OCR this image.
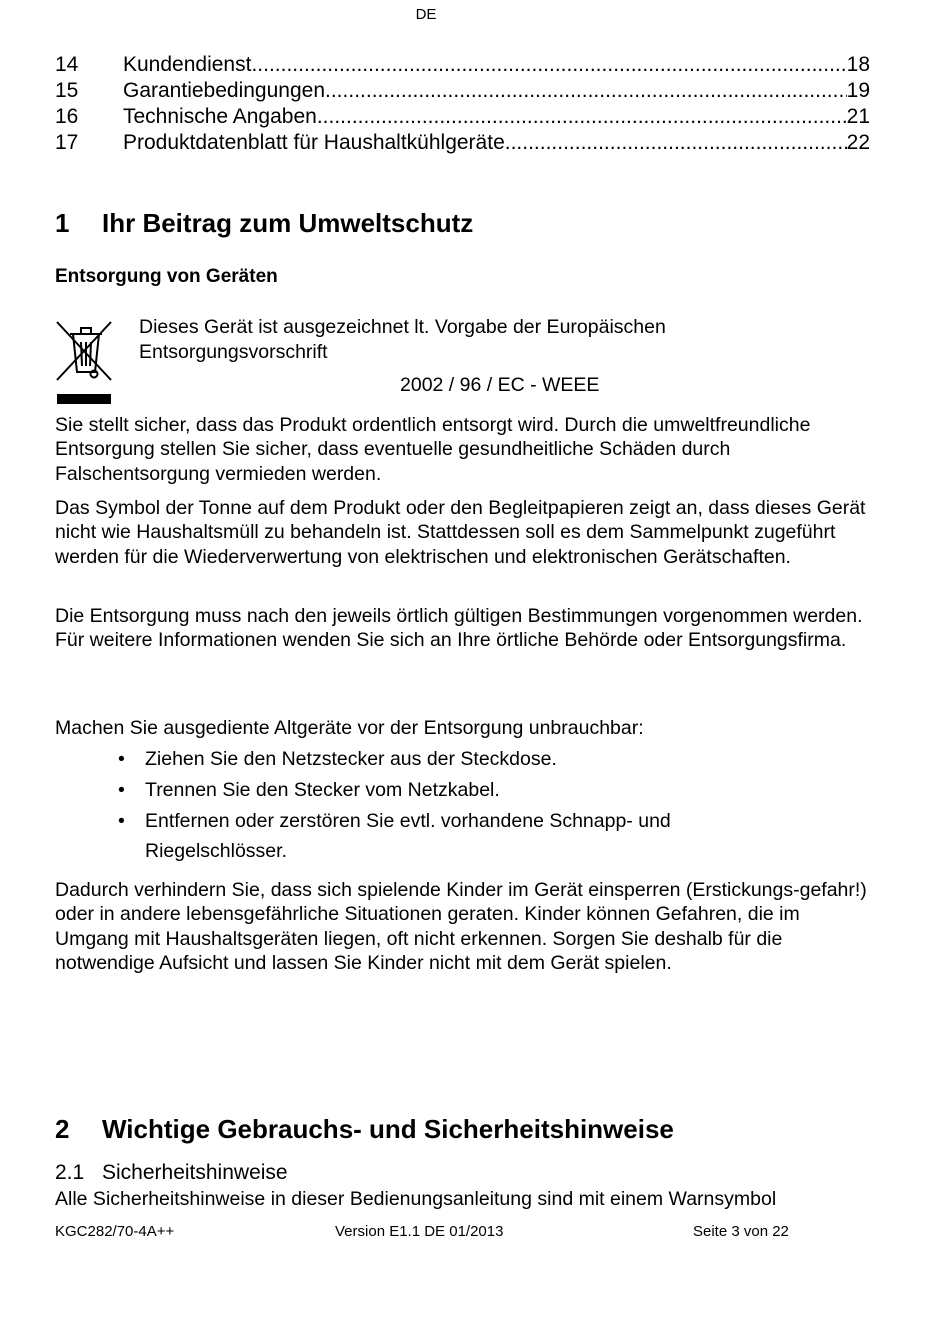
DE
14	Kundendienst .....	18
15	Garantiebedingungen .....	19
16	Technische Angaben .....	21
17	Produktdatenblatt für Haushaltkühlgeräte .....	22
1 Ihr Beitrag zum Umweltschutz
Entsorgung von Geräten
Dieses Gerät ist ausgezeichnet lt. Vorgabe der Europäischen
Entsorgungsvorschrift
2002 / 96 / EC - WEEE
Sie stellt sicher, dass das Produkt ordentlich entsorgt wird. Durch die umweltfreundliche Entsorgung stellen Sie sicher, dass eventuelle gesundheitliche Schäden durch Falschentsorgung vermieden werden.
Das Symbol der Tonne auf dem Produkt oder den Begleitpapieren zeigt an, dass dieses Gerät nicht wie Haushaltsmüll zu behandeln ist. Stattdessen soll es dem Sammelpunkt zugeführt werden für die Wiederverwertung von elektrischen und elektronischen Gerätschaften.
Die Entsorgung muss nach den jeweils örtlich gültigen Bestimmungen vorgenommen werden. Für weitere Informationen wenden Sie sich an Ihre örtliche Behörde oder Entsorgungsfirma.
Machen Sie ausgediente Altgeräte vor der Entsorgung unbrauchbar:
•	Ziehen Sie den Netzstecker aus der Steckdose.
•	Trennen Sie den Stecker vom Netzkabel.
•	Entfernen oder zerstören Sie evtl. vorhandene Schnapp- und Riegelschlösser.
Dadurch verhindern Sie, dass sich spielende Kinder im Gerät einsperren (Erstickungs-gefahr!) oder in andere lebensgefährliche Situationen geraten. Kinder können Gefahren, die im Umgang mit Haushaltsgeräten liegen, oft nicht erkennen. Sorgen Sie deshalb für die notwendige Aufsicht und lassen Sie Kinder nicht mit dem Gerät spielen.
2 Wichtige Gebrauchs- und Sicherheitshinweise
2.1 Sicherheitshinweise
Alle Sicherheitshinweise in dieser Bedienungsanleitung sind mit einem Warnsymbol
KGC282/70-4A++	Version E1.1 DE 01/2013	Seite 3 von 22
